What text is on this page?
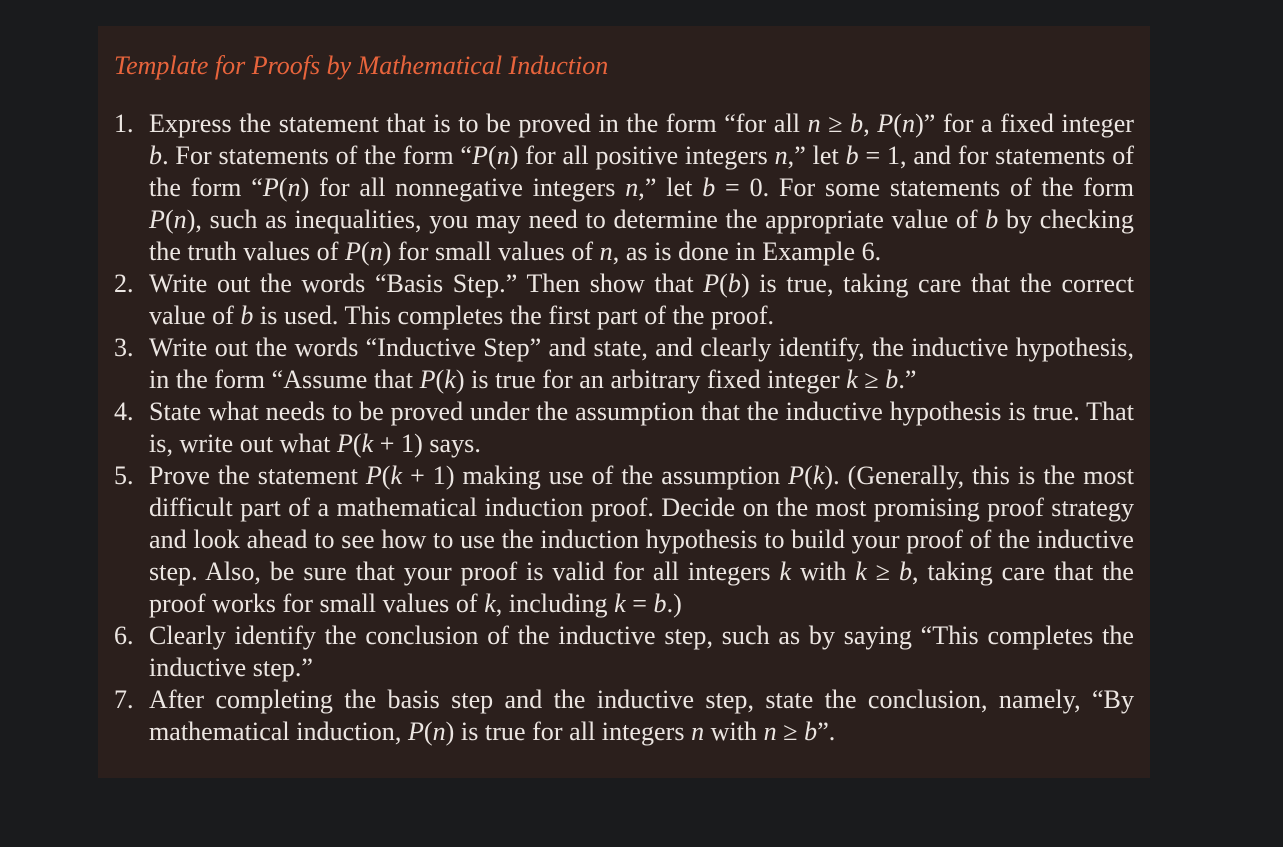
Template for Proofs by Mathematical Induction
1. Express the statement that is to be proved in the form “for all n ≥ b, P(n)” for a fixed integer b. For statements of the form “P(n) for all positive integers n,” let b = 1, and for statements of the form “P(n) for all nonnegative integers n,” let b = 0. For some statements of the form P(n), such as inequalities, you may need to determine the appropriate value of b by checking the truth values of P(n) for small values of n, as is done in Example 6.
2. Write out the words “Basis Step.” Then show that P(b) is true, taking care that the correct value of b is used. This completes the first part of the proof.
3. Write out the words “Inductive Step” and state, and clearly identify, the inductive hypothesis, in the form “Assume that P(k) is true for an arbitrary fixed integer k ≥ b.”
4. State what needs to be proved under the assumption that the inductive hypothesis is true. That is, write out what P(k + 1) says.
5. Prove the statement P(k + 1) making use of the assumption P(k). (Generally, this is the most difficult part of a mathematical induction proof. Decide on the most promising proof strategy and look ahead to see how to use the induction hypothesis to build your proof of the inductive step. Also, be sure that your proof is valid for all integers k with k ≥ b, taking care that the proof works for small values of k, including k = b.)
6. Clearly identify the conclusion of the inductive step, such as by saying “This completes the inductive step.”
7. After completing the basis step and the inductive step, state the conclusion, namely, “By mathematical induction, P(n) is true for all integers n with n ≥ b”.
